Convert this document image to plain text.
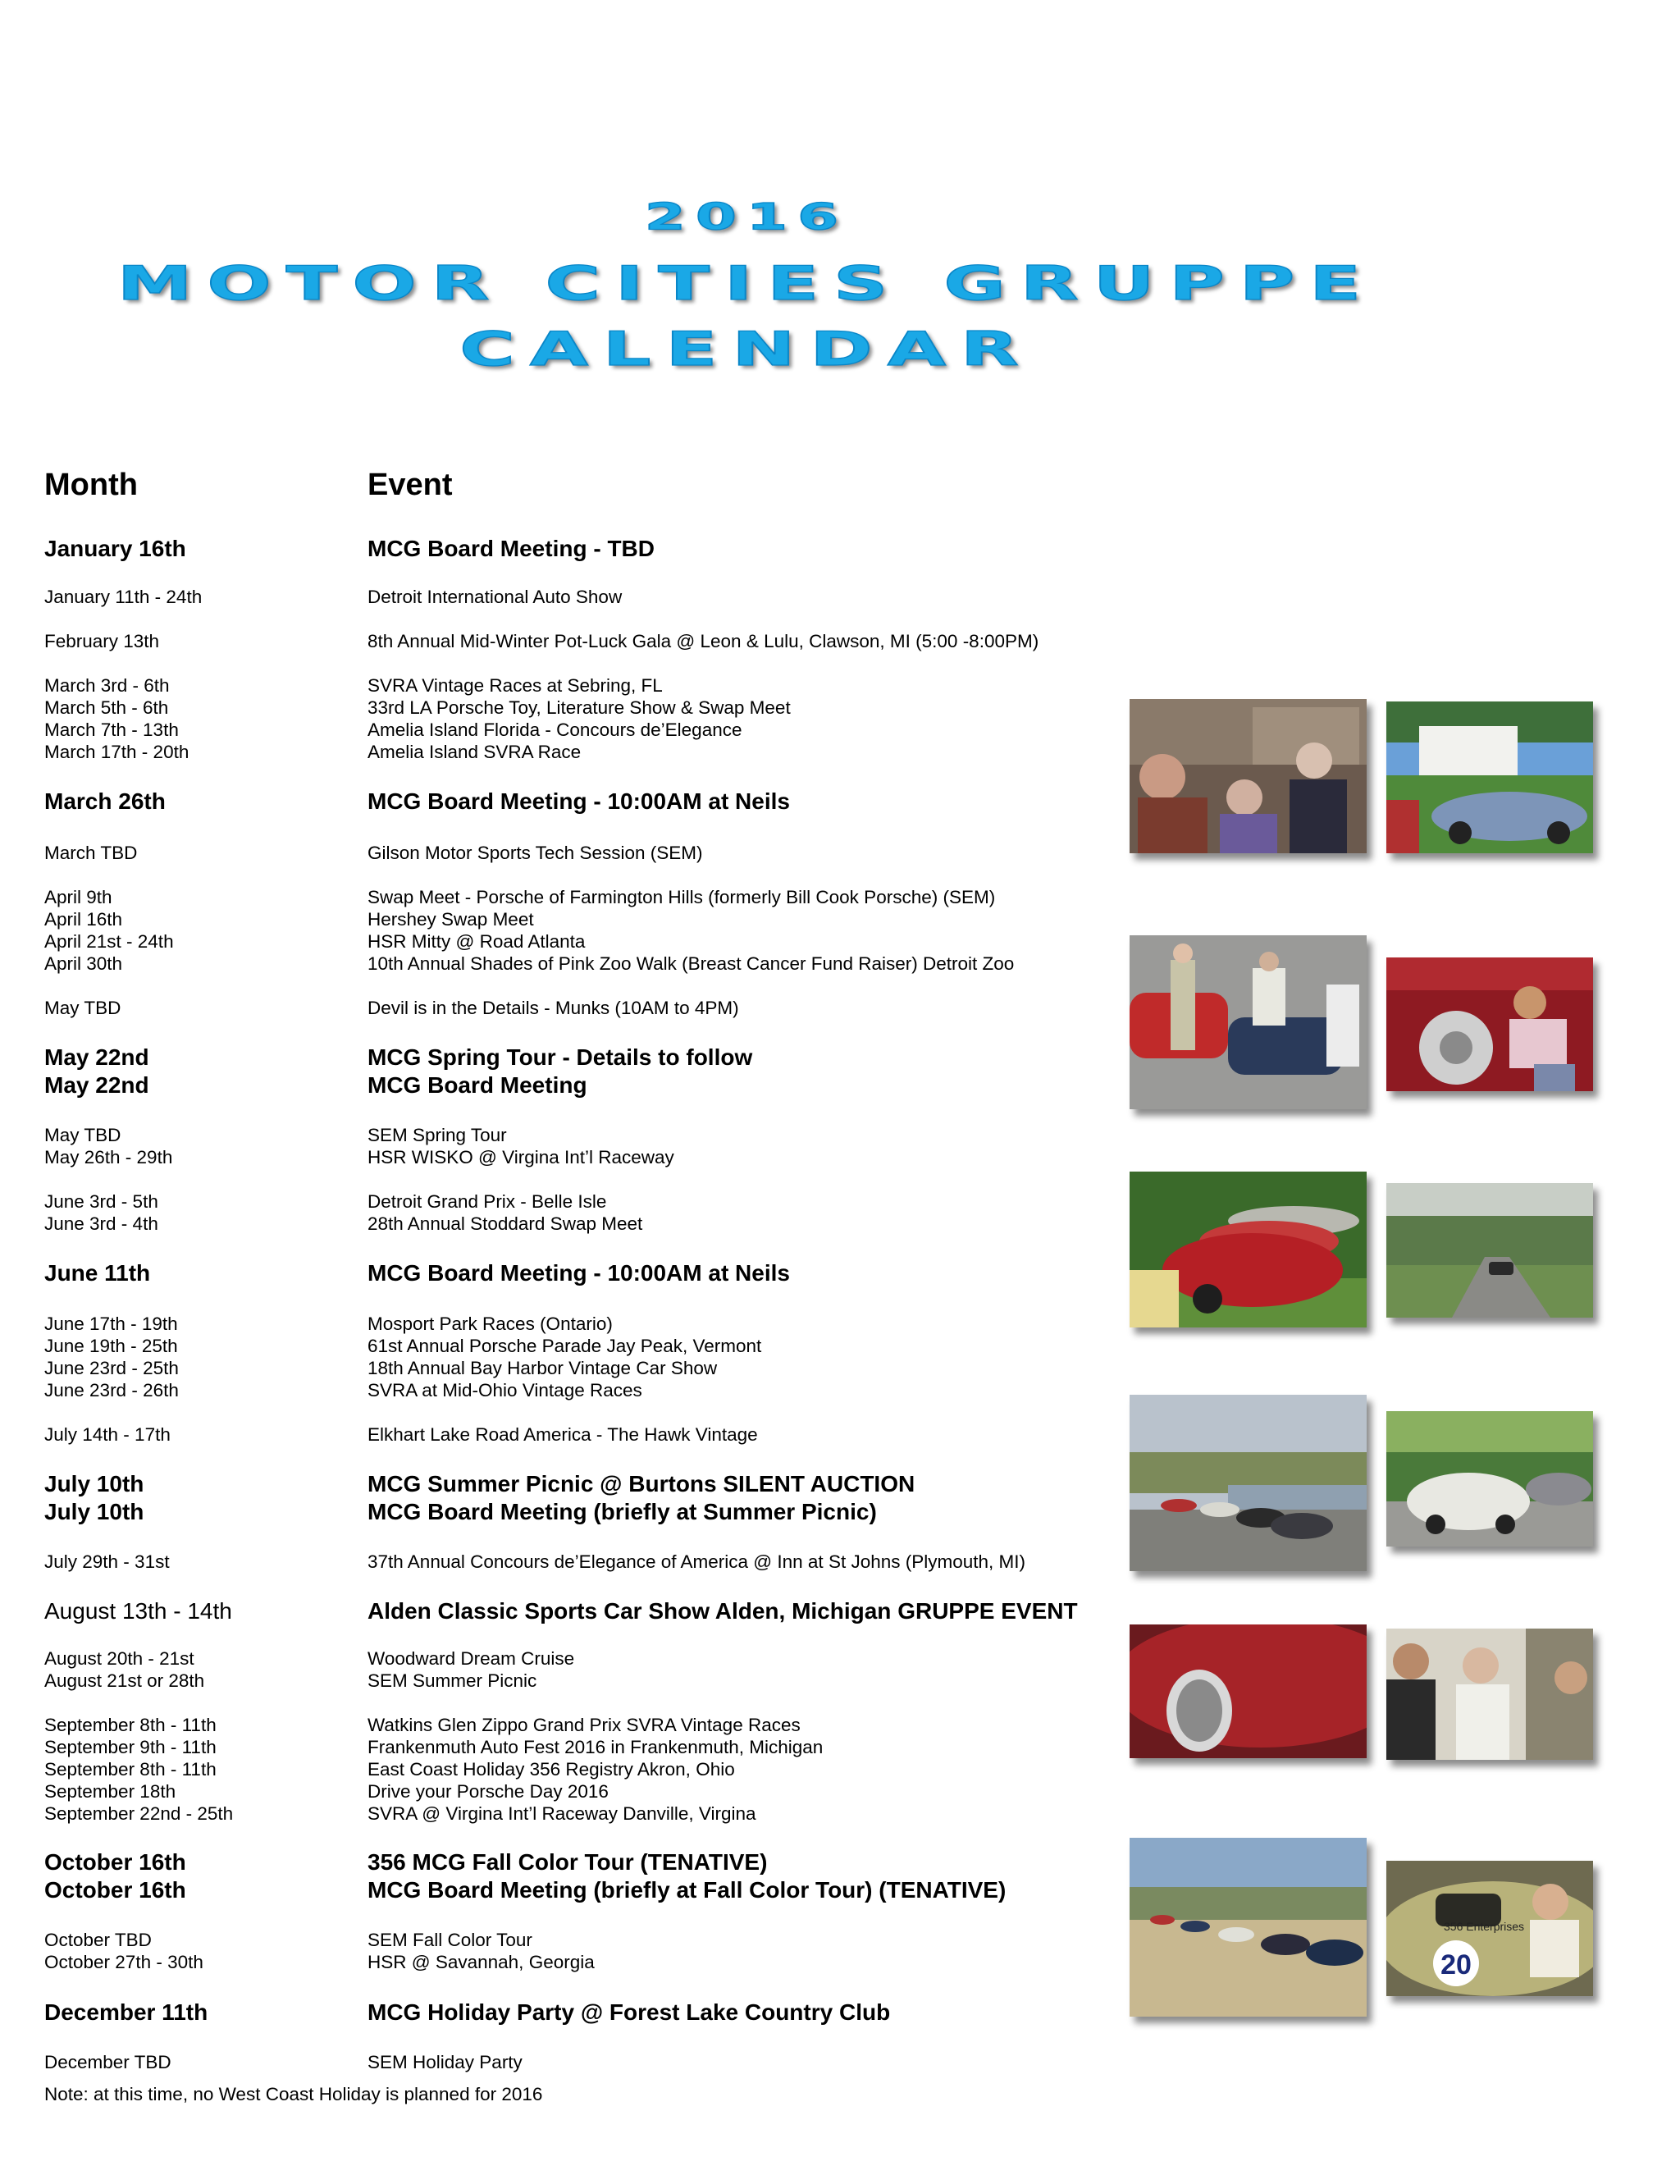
2016
MOTOR CITIES GRUPPE
CALENDAR
Month	Event
January 16th	MCG Board Meeting - TBD
January 11th - 24th	Detroit International Auto Show
February 13th	8th Annual Mid-Winter Pot-Luck Gala @ Leon & Lulu, Clawson, MI (5:00 -8:00PM)
March 3rd - 6th	SVRA Vintage Races at Sebring, FL
March 5th - 6th	33rd LA Porsche Toy, Literature Show & Swap Meet
March 7th - 13th	Amelia Island Florida - Concours de’Elegance
March 17th - 20th	Amelia Island SVRA Race
March 26th	MCG Board Meeting - 10:00AM at Neils
March TBD	Gilson Motor Sports Tech Session (SEM)
April 9th	Swap Meet - Porsche of Farmington Hills (formerly Bill Cook Porsche) (SEM)
April 16th	Hershey Swap Meet
April 21st - 24th	HSR Mitty @ Road Atlanta
April 30th	10th Annual Shades of Pink Zoo Walk (Breast Cancer Fund Raiser) Detroit Zoo
May TBD	Devil is in the Details - Munks (10AM to 4PM)
May 22nd	MCG Spring Tour - Details to follow
May 22nd	MCG Board Meeting
May TBD	SEM Spring Tour
May 26th - 29th	HSR WISKO @ Virgina Int’l Raceway
June 3rd - 5th	Detroit Grand Prix - Belle Isle
June 3rd - 4th	28th Annual Stoddard Swap Meet
June 11th	MCG Board Meeting - 10:00AM at Neils
June 17th - 19th	Mosport Park Races (Ontario)
June 19th - 25th	61st Annual Porsche Parade Jay Peak, Vermont
June 23rd - 25th	18th Annual Bay Harbor Vintage Car Show
June 23rd - 26th	SVRA at Mid-Ohio Vintage Races
July 14th - 17th	Elkhart Lake Road America - The Hawk Vintage
July 10th	MCG Summer Picnic @ Burtons SILENT AUCTION
July 10th	MCG Board Meeting (briefly at Summer Picnic)
July 29th - 31st	37th Annual Concours de’Elegance of America @ Inn at St Johns (Plymouth, MI)
August 13th - 14th	Alden Classic Sports Car Show Alden, Michigan GRUPPE EVENT
August 20th - 21st	Woodward Dream Cruise
August 21st or 28th	SEM Summer Picnic
September 8th - 11th	Watkins Glen Zippo Grand Prix SVRA Vintage Races
September 9th - 11th	Frankenmuth Auto Fest 2016 in Frankenmuth, Michigan
September 8th - 11th	East Coast Holiday 356 Registry Akron, Ohio
September 18th	Drive your Porsche Day 2016
September 22nd - 25th	SVRA @ Virgina Int’l Raceway Danville, Virgina
October 16th	356 MCG Fall Color Tour (TENATIVE)
October 16th	MCG Board Meeting (briefly at Fall Color Tour) (TENATIVE)
October TBD	SEM Fall Color Tour
October 27th - 30th	HSR @ Savannah, Georgia
December 11th	MCG Holiday Party @ Forest Lake Country Club
December TBD	SEM Holiday Party
Note: at this time, no West Coast Holiday is planned for 2016
20
356 Enterprises
